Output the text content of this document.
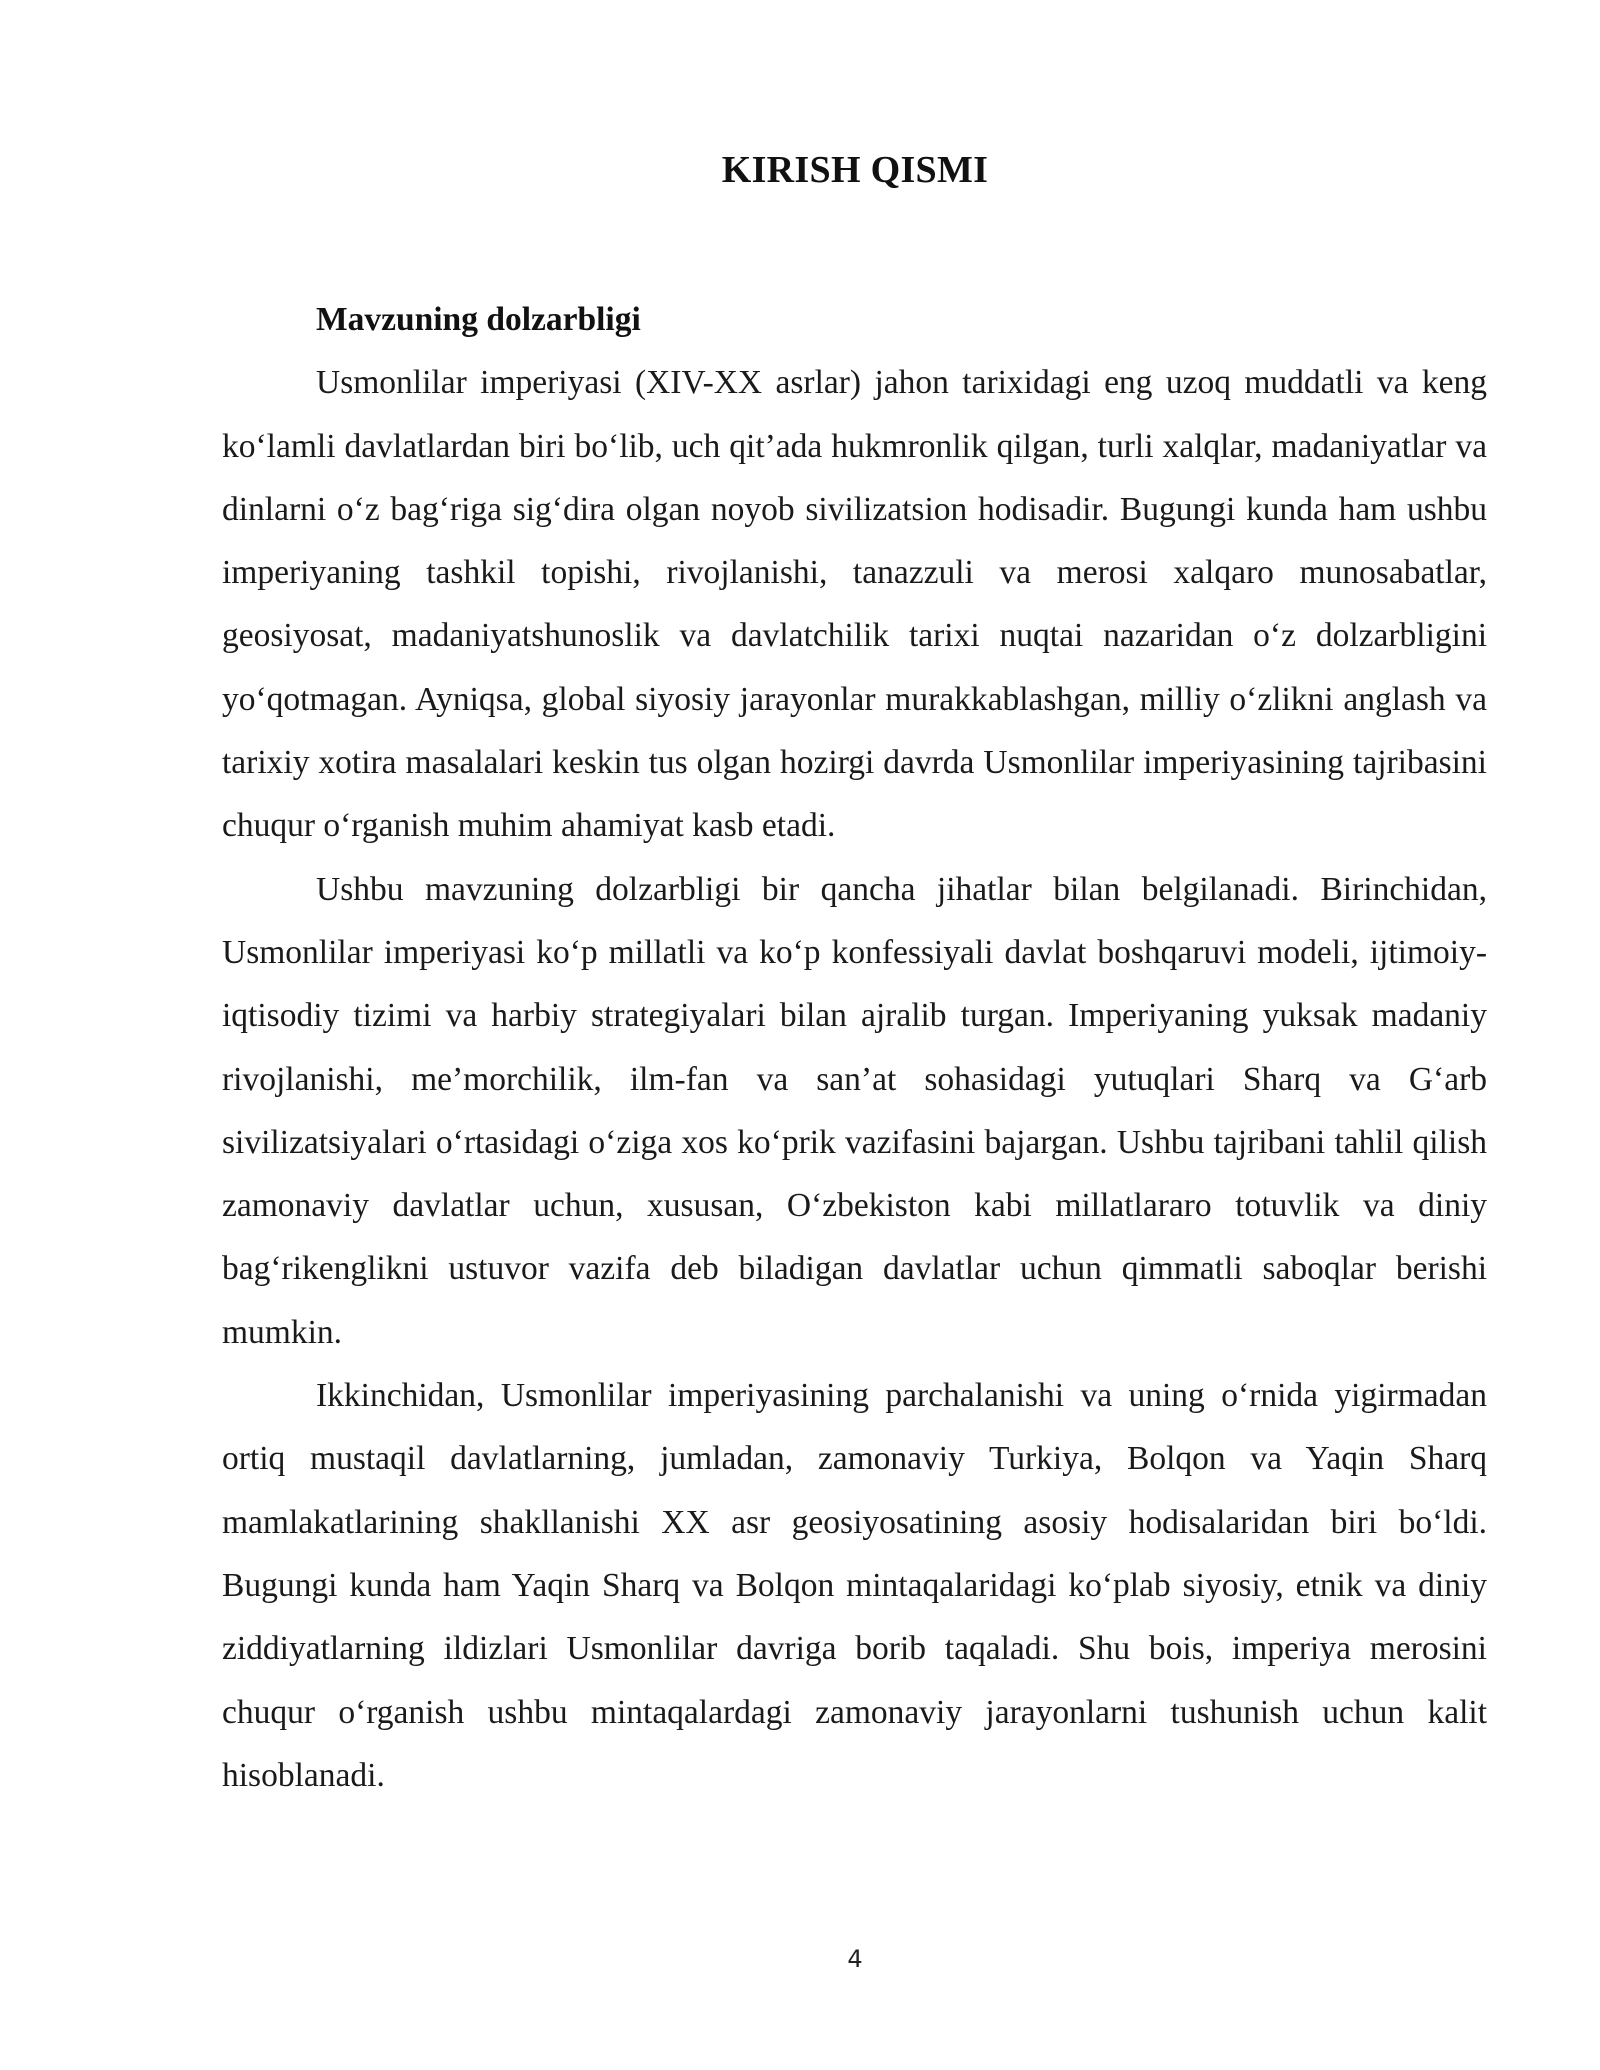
KIRISH QISMI

Mavzuning dolzarbligi

Usmonlilar imperiyasi (XIV-XX asrlar) jahon tarixidagi eng uzoq muddatli va keng ko‘lamli davlatlardan biri bo‘lib, uch qit’ada hukmronlik qilgan, turli xalqlar, madaniyatlar va dinlarni o‘z bag‘riga sig‘dira olgan noyob sivilizatsion hodisadir. Bugungi kunda ham ushbu imperiyaning tashkil topishi, rivojlanishi, tanazzuli va merosi xalqaro munosabatlar, geosiyosat, madaniyatshunoslik va davlatchilik tarixi nuqtai nazaridan o‘z dolzarbligini yo‘qotmagan. Ayniqsa, global siyosiy jarayonlar murakkablashgan, milliy o‘zlikni anglash va tarixiy xotira masalalari keskin tus olgan hozirgi davrda Usmonlilar imperiyasining tajribasini chuqur o‘rganish muhim ahamiyat kasb etadi.

Ushbu mavzuning dolzarbligi bir qancha jihatlar bilan belgilanadi. Birinchidan, Usmonlilar imperiyasi ko‘p millatli va ko‘p konfessiyali davlat boshqaruvi modeli, ijtimoiy-iqtisodiy tizimi va harbiy strategiyalari bilan ajralib turgan. Imperiyaning yuksak madaniy rivojlanishi, me’morchilik, ilm-fan va san’at sohasidagi yutuqlari Sharq va G‘arb sivilizatsiyalari o‘rtasidagi o‘ziga xos ko‘prik vazifasini bajargan. Ushbu tajribani tahlil qilish zamonaviy davlatlar uchun, xususan, O‘zbekiston kabi millatlararo totuvlik va diniy bag‘rikenglikni ustuvor vazifa deb biladigan davlatlar uchun qimmatli saboqlar berishi mumkin.

Ikkinchidan, Usmonlilar imperiyasining parchalanishi va uning o‘rnida yigirmadan ortiq mustaqil davlatlarning, jumladan, zamonaviy Turkiya, Bolqon va Yaqin Sharq mamlakatlarining shakllanishi XX asr geosiyosatining asosiy hodisalaridan biri bo‘ldi. Bugungi kunda ham Yaqin Sharq va Bolqon mintaqalaridagi ko‘plab siyosiy, etnik va diniy ziddiyatlarning ildizlari Usmonlilar davriga borib taqaladi. Shu bois, imperiya merosini chuqur o‘rganish ushbu mintaqalardagi zamonaviy jarayonlarni tushunish uchun kalit hisoblanadi.

4
